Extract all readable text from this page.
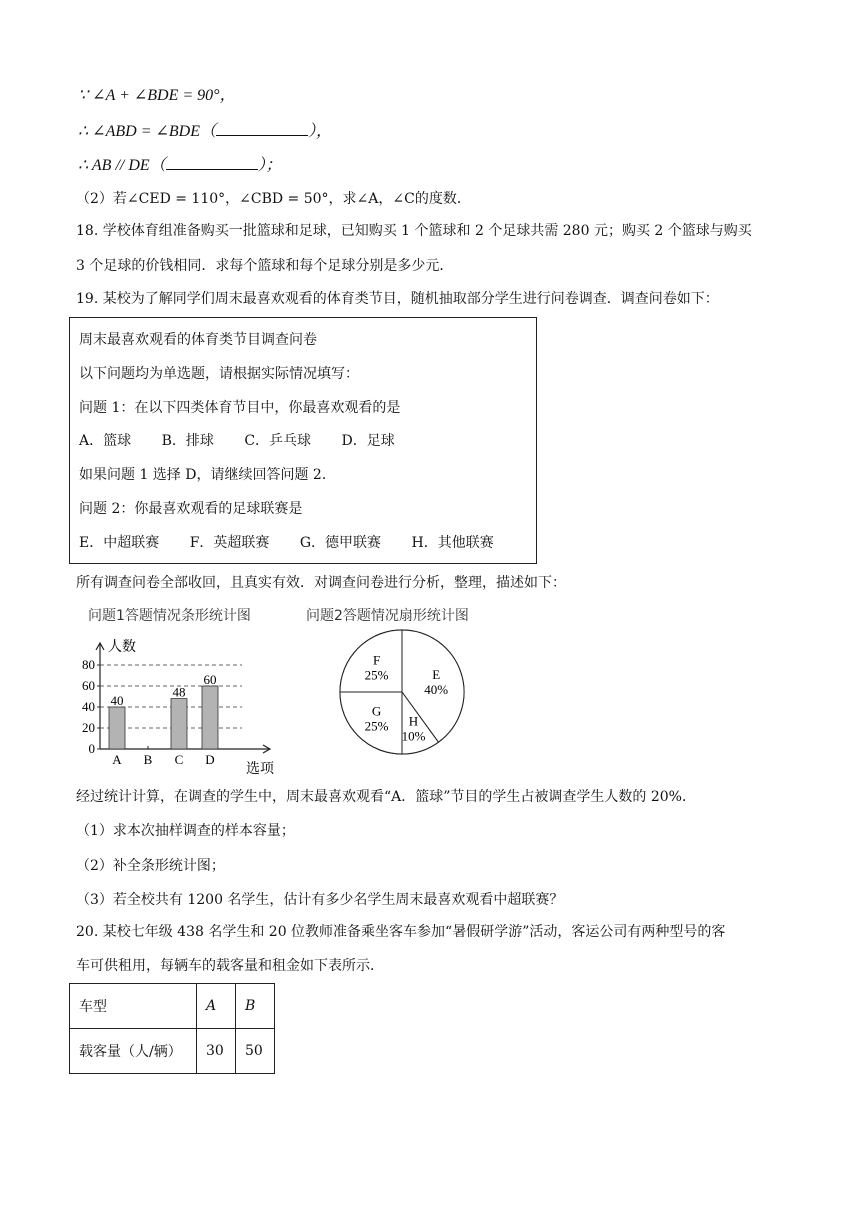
∵ ∠A + ∠BDE = 90°，
∴ ∠ABD = ∠BDE（	），
∴ AB // DE（	）；
（2）若∠CED = 110°，∠CBD = 50°，求∠A，∠C的度数．
18. 学校体育组准备购买一批篮球和足球，已知购买 1 个篮球和 2 个足球共需 280 元；购买 2 个篮球与购买
3 个足球的价钱相同．求每个篮球和每个足球分别是多少元．
19. 某校为了解同学们周末最喜欢观看的体育类节目，随机抽取部分学生进行问卷调查．调查问卷如下：
周末最喜欢观看的体育类节目调查问卷
以下问题均为单选题，请根据实际情况填写：
问题 1：在以下四类体育节目中，你最喜欢观看的是
A．篮球 B．排球 C．乒乓球 D．足球
如果问题 1 选择 D，请继续回答问题 2．
问题 2：你最喜欢观看的足球联赛是
E．中超联赛 F．英超联赛 G．德甲联赛 H．其他联赛
所有调查问卷全部收回，且真实有效．对调查问卷进行分析，整理，描述如下：
问题1答题情况条形统计图	问题2答题情况扇形统计图
0
20
40
60
80
人数
选项
A
40
B C
48
D
60	E
40%
H
10%
G
25%
F
25%
经过统计计算，在调查的学生中，周末最喜欢观看“A．篮球”节目的学生占被调查学生人数的 20%．
（1）求本次抽样调查的样本容量；
（2）补全条形统计图；
（3）若全校共有 1200 名学生，估计有多少名学生周末最喜欢观看中超联赛？
20. 某校七年级 438 名学生和 20 位教师准备乘坐客车参加“暑假研学游”活动，客运公司有两种型号的客
车可供租用，每辆车的载客量和租金如下表所示．
车型	A	B
载客量（人/辆）	30	50
